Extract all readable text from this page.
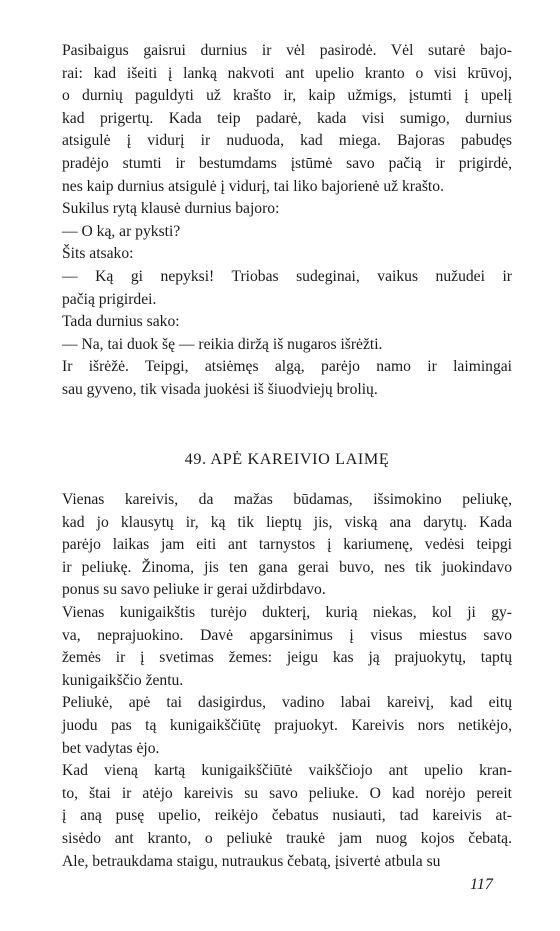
Pasibaigus gaisrui durnius ir vėl pasirodė. Vėl sutarė bajo-
rai: kad išeiti į lanką nakvoti ant upelio kranto o visi krūvoj,
o durnių paguldyti už krašto ir, kaip užmigs, įstumti į upelį
kad prigertų. Kada teip padarė, kada visi sumigo, durnius
atsigulė į vidurį ir nuduoda, kad miega. Bajoras pabudęs
pradėjo stumti ir bestumdams įstūmė savo pačią ir prigirdė,
nes kaip durnius atsigulė į vidurį, tai liko bajorienė už krašto.
Sukilus rytą klausė durnius bajoro:
— O ką, ar pyksti?
Šits atsako:
— Ką gi nepyksi! Triobas sudeginai, vaikus nužudei ir
pačią prigirdei.
Tada durnius sako:
— Na, tai duok šę — reikia diržą iš nugaros išrėžti.
Ir išrėžė. Teipgi, atsiėmęs algą, parėjo namo ir laimingai
sau gyveno, tik visada juokėsi iš šiuodviejų brolių.
49. APĖ KAREIVIO LAIMĘ
Vienas kareivis, da mažas būdamas, išsimokino peliukę,
kad jo klausytų ir, ką tik lieptų jis, viską ana darytų. Kada
parėjo laikas jam eiti ant tarnystos į kariumenę, vedėsi teipgi
ir peliukę. Žinoma, jis ten gana gerai buvo, nes tik juokindavo
ponus su savo peliuke ir gerai uždirbdavo.
Vienas kunigaikštis turėjo dukterį, kurią niekas, kol ji gy-
va, neprajuokino. Davė apgarsinimus į visus miestus savo
žemės ir į svetimas žemes: jeigu kas ją prajuokytų, taptų
kunigaikščio žentu.
Peliukė, apė tai dasigirdus, vadino labai kareivį, kad eitų
juodu pas tą kunigaikščiūtę prajuokyt. Kareivis nors netikėjo,
bet vadytas ėjo.
Kad vieną kartą kunigaikščiūtė vaikščiojo ant upelio kran-
to, štai ir atėjo kareivis su savo peliuke. O kad norėjo pereit
į aną pusę upelio, reikėjo čebatus nusiauti, tad kareivis at-
sisėdo ant kranto, o peliukė traukė jam nuog kojos čebatą.
Ale, betraukdama staigu, nutraukus čebatą, įsivertė atbula su
117
